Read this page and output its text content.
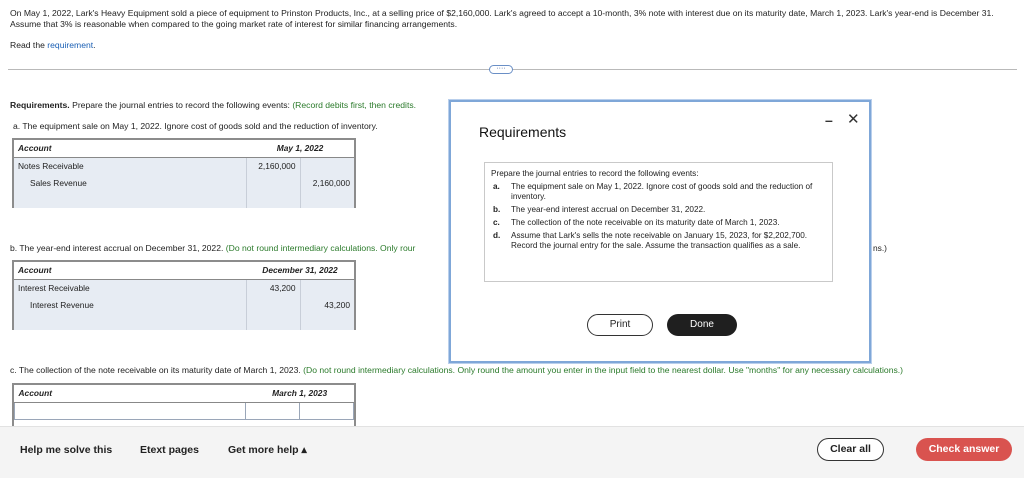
On May 1, 2022, Lark's Heavy Equipment sold a piece of equipment to Prinston Products, Inc., at a selling price of $2,160,000. Lark's agreed to accept a 10-month, 3% note with interest due on its maturity date, March 1, 2023. Lark's year-end is December 31. Assume that 3% is reasonable when compared to the going market rate of interest for similar financing arrangements.
Read the requirement.
····
Requirements. Prepare the journal entries to record the following events: (Record debits first, then credits.
a. The equipment sale on May 1, 2022. Ignore cost of goods sold and the reduction of inventory.
Account	May 1, 2022	
Notes Receivable	2,160,000	
Sales Revenue		2,160,000

b. The year-end interest accrual on December 31, 2022. (Do not round intermediary calculations. Only rour	ns.)
Account	December 31, 2022	
Interest Receivable	43,200	
Interest Revenue		43,200

c. The collection of the note receivable on its maturity date of March 1, 2023. (Do not round intermediary calculations. Only round the amount you enter in the input field to the nearest dollar. Use "months" for any necessary calculations.)
Account	March 1, 2023	

Requirements
– ✕
Prepare the journal entries to record the following events:
a.	The equipment sale on May 1, 2022. Ignore cost of goods sold and the reduction of inventory.
b.	The year-end interest accrual on December 31, 2022.
c.	The collection of the note receivable on its maturity date of March 1, 2023.
d.	Assume that Lark's sells the note receivable on January 15, 2023, for $2,202,700. Record the journal entry for the sale. Assume the transaction qualifies as a sale.
Print	Done
Help me solve this	Etext pages	Get more help ▴	Clear all	Check answer
